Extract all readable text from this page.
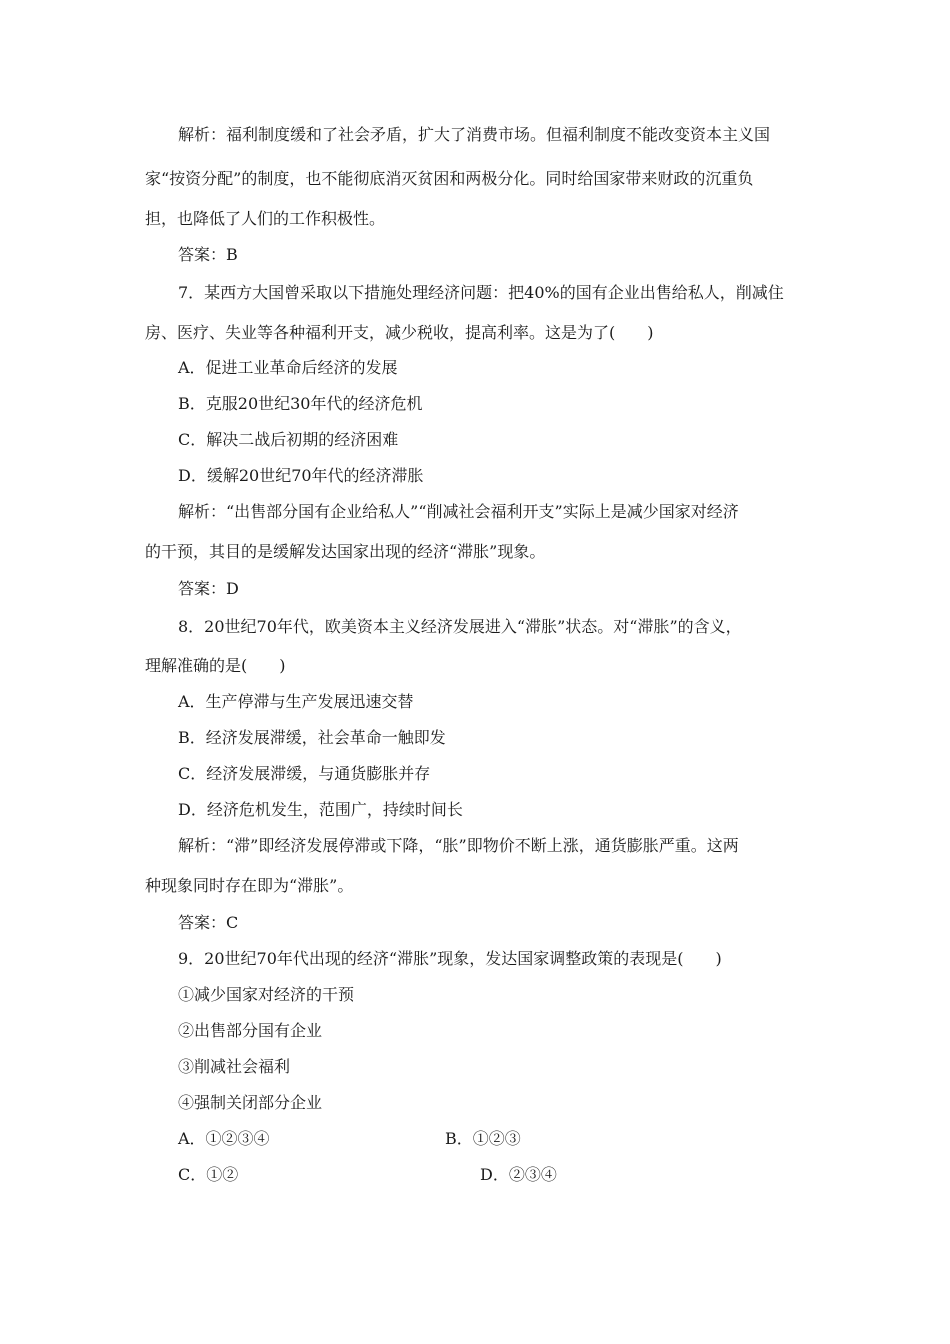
解析：福利制度缓和了社会矛盾，扩大了消费市场。但福利制度不能改变资本主义国
家“按资分配”的制度，也不能彻底消灭贫困和两极分化。同时给国家带来财政的沉重负
担，也降低了人们的工作积极性。
答案：B
7．某西方大国曾采取以下措施处理经济问题：把40%的国有企业出售给私人，削减住
房、医疗、失业等各种福利开支，减少税收，提高利率。这是为了(　　)
A．促进工业革命后经济的发展
B．克服20世纪30年代的经济危机
C．解决二战后初期的经济困难
D．缓解20世纪70年代的经济滞胀
解析：“出售部分国有企业给私人”“削减社会福利开支”实际上是减少国家对经济
的干预，其目的是缓解发达国家出现的经济“滞胀”现象。
答案：D
8．20世纪70年代，欧美资本主义经济发展进入“滞胀”状态。对“滞胀”的含义，
理解准确的是(　　)
A．生产停滞与生产发展迅速交替
B．经济发展滞缓，社会革命一触即发
C．经济发展滞缓，与通货膨胀并存
D．经济危机发生，范围广，持续时间长
解析：“滞”即经济发展停滞或下降，“胀”即物价不断上涨，通货膨胀严重。这两
种现象同时存在即为“滞胀”。
答案：C
9．20世纪70年代出现的经济“滞胀”现象，发达国家调整政策的表现是(　　)
①减少国家对经济的干预
②出售部分国有企业
③削减社会福利
④强制关闭部分企业
A．①②③④	B．①②③
C．①②	D．②③④
